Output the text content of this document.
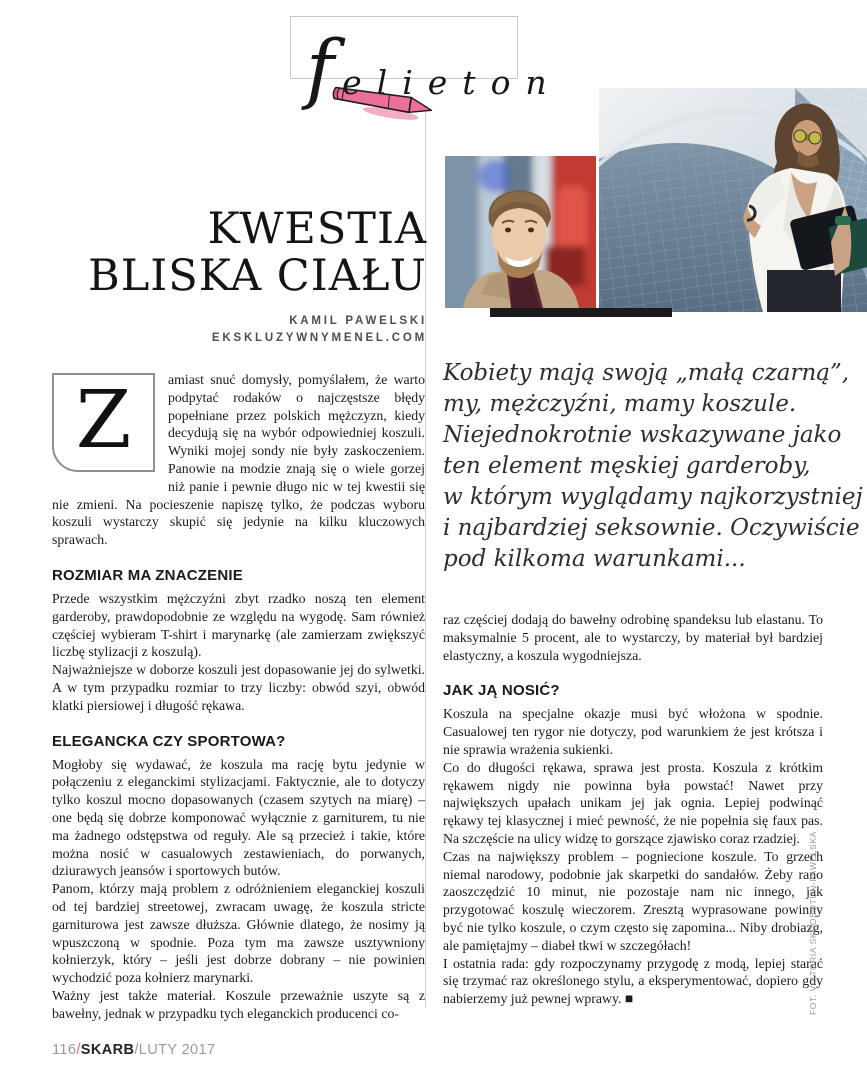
felieton
KWESTIA
BLISKA CIAŁU
KAMIL PAWELSKI
EKSKLUZYWNYMENEL.COM
Z	amiast snuć domysły, pomyślałem, że warto podpytać rodaków o najczęstsze błędy popełniane przez polskich mężczyzn, kiedy decydują się na wybór odpowiedniej koszuli. Wyniki mojej sondy nie były zaskoczeniem. Panowie na modzie znają się o wiele gorzej niż panie i pewnie długo nic w tej kwestii się nie zmieni. Na pocieszenie napiszę tylko, że podczas wyboru koszuli wystarczy skupić się jedynie na kilku kluczowych sprawach.

ROZMIAR MA ZNACZENIE

Przede wszystkim mężczyźni zbyt rzadko noszą ten element garderoby, prawdopodobnie ze względu na wygodę. Sam również częściej wybieram T-shirt i marynarkę (ale zamierzam zwiększyć liczbę stylizacji z koszulą).

Najważniejsze w doborze koszuli jest dopasowanie jej do sylwetki. A w tym przypadku rozmiar to trzy liczby: obwód szyi, obwód klatki piersiowej i długość rękawa.

ELEGANCKA CZY SPORTOWA?

Mogłoby się wydawać, że koszula ma rację bytu jedynie w połączeniu z eleganckimi stylizacjami. Faktycznie, ale to dotyczy tylko koszul mocno dopasowanych (czasem szytych na miarę) – one będą się dobrze komponować wyłącznie z garniturem, tu nie ma żadnego odstępstwa od reguły. Ale są przecież i takie, które można nosić w casualowych zestawieniach, do porwanych, dziurawych jeansów i sportowych butów.

Panom, którzy mają problem z odróżnieniem eleganckiej koszuli od tej bardziej streetowej, zwracam uwagę, że koszula stricte garniturowa jest zawsze dłuższa. Głównie dlatego, że nosimy ją wpuszczoną w spodnie. Poza tym ma zawsze usztywniony kołnierzyk, który – jeśli jest dobrze dobrany – nie powinien wychodzić poza kołnierz marynarki.

Ważny jest także materiał. Koszule przeważnie uszyte są z bawełny, jednak w przypadku tych eleganckich producenci co-

Kobiety mają swoją „małą czarną”,
my, mężczyźni, mamy koszule.
Niejednokrotnie wskazywane jako
ten element męskiej garderoby,
w którym wyglądamy najkorzystniej
i najbardziej seksownie. Oczywiście
pod kilkoma warunkami...

raz częściej dodają do bawełny odrobinę spandeksu lub elastanu. To maksymalnie 5 procent, ale to wystarczy, by materiał był bardziej elastyczny, a koszula wygodniejsza.

JAK JĄ NOSIĆ?

Koszula na specjalne okazje musi być włożona w spodnie. Casualowej ten rygor nie dotyczy, pod warunkiem że jest krótsza i nie sprawia wrażenia sukienki.

Co do długości rękawa, sprawa jest prosta. Koszula z krótkim rękawem nigdy nie powinna była powstać! Nawet przy największych upałach unikam jej jak ognia. Lepiej podwinąć rękawy tej klasycznej i mieć pewność, że nie popełnia się faux pas. Na szczęście na ulicy widzę to gorszące zjawisko coraz rzadziej.

Czas na największy problem – pogniecione koszule. To grzech niemal narodowy, podobnie jak skarpetki do sandałów. Żeby rano zaoszczędzić 10 minut, nie pozostaje nam nic innego, jak przygotować koszulę wieczorem. Zresztą wyprasowane powinny być nie tylko koszule, o czym często się zapomina... Niby drobiazg, ale pamiętajmy – diabeł tkwi w szczegółach!

I ostatnia rada: gdy rozpoczynamy przygodę z modą, lepiej starać się trzymać raz określonego stylu, a eksperymentować, dopiero gdy nabierzemy już pewnej wprawy. ■	FOT. VIKTORIA SKROBOTUN-PAWELSKA
116/SKARB/LUTY 2017
